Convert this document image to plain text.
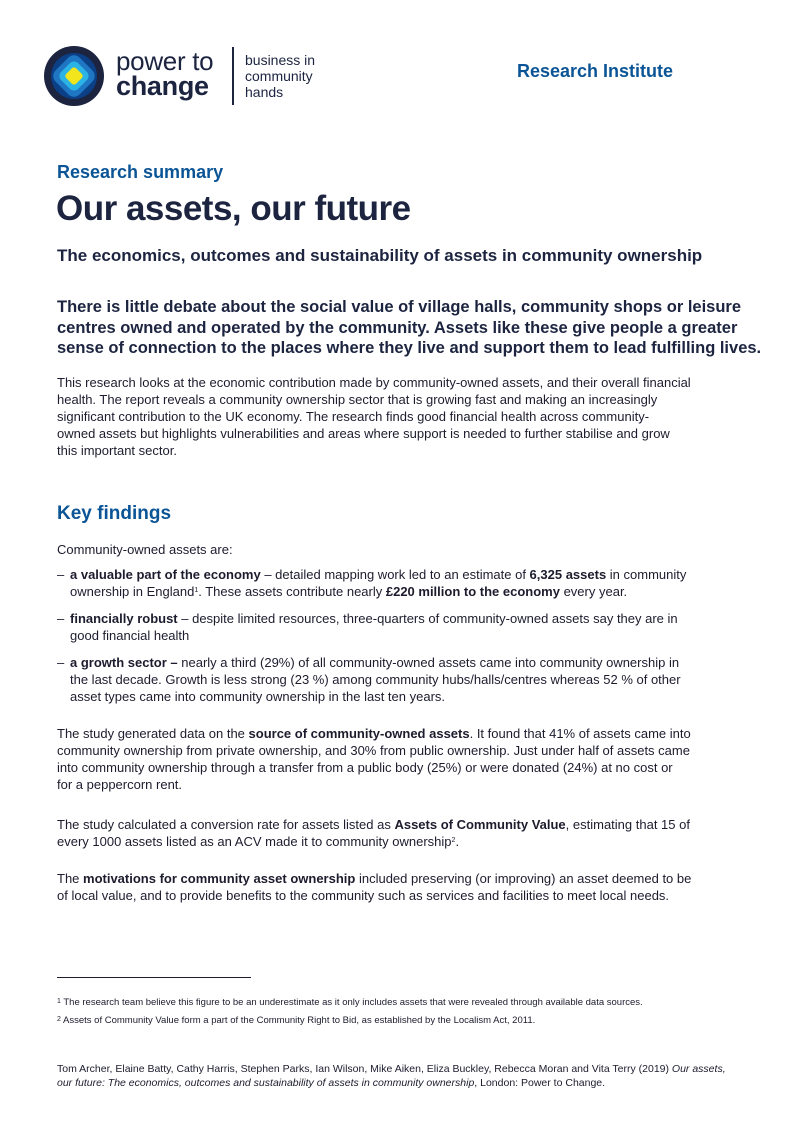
power to
change
business in
community
hands
Research Institute
Research summary
Our assets, our future
The economics, outcomes and sustainability of assets in community ownership
There is little debate about the social value of village halls, community shops or leisure
centres owned and operated by the community. Assets like these give people a greater
sense of connection to the places where they live and support them to lead fulfilling lives.
This research looks at the economic contribution made by community-owned assets, and their overall financial
health. The report reveals a community ownership sector that is growing fast and making an increasingly
significant contribution to the UK economy. The research finds good financial health across community-
owned assets but highlights vulnerabilities and areas where support is needed to further stabilise and grow
this important sector.
Key findings
Community-owned assets are:
– a valuable part of the economy – detailed mapping work led to an estimate of 6,325 assets in community
ownership in England$^1$. These assets contribute nearly £220 million to the economy every year.
– financially robust – despite limited resources, three-quarters of community-owned assets say they are in
good financial health
– a growth sector – nearly a third (29%) of all community-owned assets came into community ownership in
the last decade. Growth is less strong (23 %) among community hubs/halls/centres whereas 52 % of other
asset types came into community ownership in the last ten years.
The study generated data on the source of community-owned assets. It found that 41% of assets came into
community ownership from private ownership, and 30% from public ownership. Just under half of assets came
into community ownership through a transfer from a public body (25%) or were donated (24%) at no cost or
for a peppercorn rent.
The study calculated a conversion rate for assets listed as Assets of Community Value, estimating that 15 of
every 1000 assets listed as an ACV made it to community ownership$^2$.
The motivations for community asset ownership included preserving (or improving) an asset deemed to be
of local value, and to provide benefits to the community such as services and facilities to meet local needs.
$^1$ The research team believe this figure to be an underestimate as it only includes assets that were revealed through available data sources.
$^2$ Assets of Community Value form a part of the Community Right to Bid, as established by the Localism Act, 2011.
Tom Archer, Elaine Batty, Cathy Harris, Stephen Parks, Ian Wilson, Mike Aiken, Eliza Buckley, Rebecca Moran and Vita Terry (2019) Our assets,
our future: The economics, outcomes and sustainability of assets in community ownership, London: Power to Change.
